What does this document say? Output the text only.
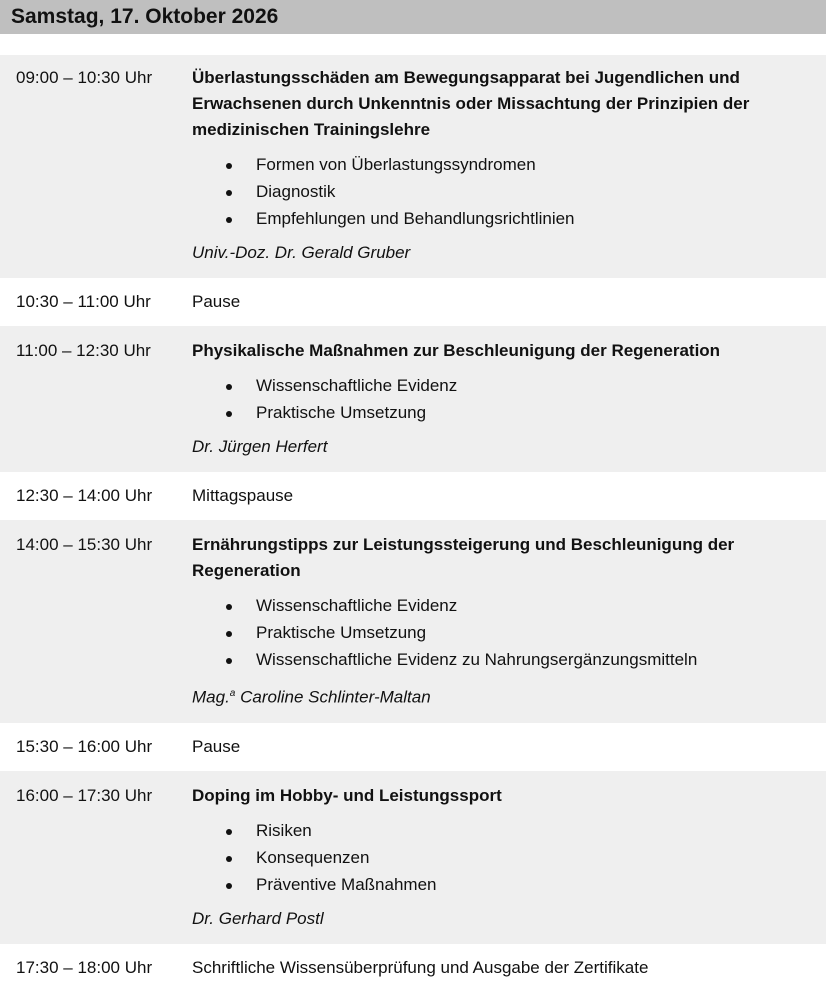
Samstag, 17. Oktober 2026
09:00 – 10:30 Uhr	Überlastungsschäden am Bewegungsapparat bei Jugendlichen und Erwachsenen durch Unkenntnis oder Missachtung der Prinzipien der medizinischen Trainingslehre

Formen von Überlastungssyndromen
Diagnostik
Empfehlungen und Behandlungsrichtlinien
Univ.-Doz. Dr. Gerald Gruber
10:30 – 11:00 Uhr	Pause
11:00 – 12:30 Uhr	Physikalische Maßnahmen zur Beschleunigung der Regeneration

Wissenschaftliche Evidenz
Praktische Umsetzung
Dr. Jürgen Herfert
12:30 – 14:00 Uhr	Mittagspause
14:00 – 15:30 Uhr	Ernährungstipps zur Leistungssteigerung und Beschleunigung der Regeneration

Wissenschaftliche Evidenz
Praktische Umsetzung
Wissenschaftliche Evidenz zu Nahrungsergänzungsmitteln
Mag.$^a$ Caroline Schlinter-Maltan
15:30 – 16:00 Uhr	Pause
16:00 – 17:30 Uhr	Doping im Hobby- und Leistungssport

Risiken
Konsequenzen
Präventive Maßnahmen
Dr. Gerhard Postl
17:30 – 18:00 Uhr	Schriftliche Wissensüberprüfung und Ausgabe der Zertifikate
